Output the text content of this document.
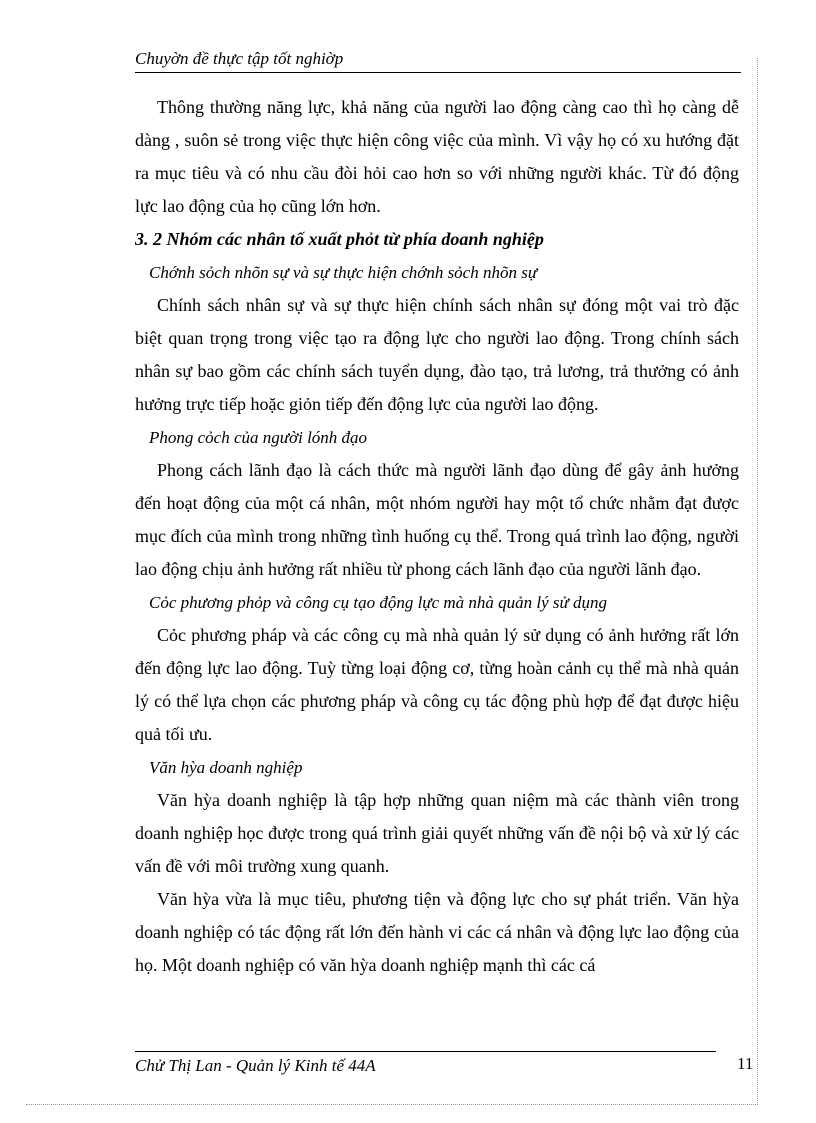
Chuyờn đề thực tập tốt nghiờp

Thông thường năng lực, khả năng của người lao động càng cao thì họ càng dễ dàng , suôn sẻ trong việc thực hiện công việc của mình. Vì vậy họ có xu hướng đặt ra mục tiêu và có nhu cầu đòi hỏi cao hơn so với những người khác. Từ đó động lực lao động của họ cũng lớn hơn.

3. 2 Nhóm các nhân tố xuất phỏt từ phía doanh nghiệp

Chớnh sỏch nhõn sự và sự thực hiện chớnh sỏch nhõn sự

Chính sách nhân sự và sự thực hiện chính sách nhân sự đóng một vai trò đặc biệt quan trọng trong việc tạo ra động lực cho người lao động. Trong chính sách nhân sự bao gồm các chính sách tuyển dụng, đào tạo, trả lương, trả thưởng có ảnh hưởng trực tiếp hoặc giỏn tiếp đến động lực của người lao động.

Phong cỏch của người lónh đạo

Phong cách lãnh đạo là cách thức mà người lãnh đạo dùng để gây ảnh hưởng đến hoạt động của một cá nhân, một nhóm người hay một tổ chức nhằm đạt được mục đích của mình trong những tình huống cụ thể. Trong quá trình lao động, người lao động chịu ảnh hưởng rất nhiều từ phong cách lãnh đạo của người lãnh đạo.

Cỏc phương phỏp và công cụ tạo động lực mà nhà quản lý sử dụng

Cỏc phương pháp và các công cụ mà nhà quản lý sử dụng có ảnh hưởng rất lớn đến động lực lao động. Tuỳ từng loại động cơ, từng hoàn cảnh cụ thể mà nhà quản lý có thể lựa chọn các phương pháp và công cụ tác động phù hợp để đạt được hiệu quả tối ưu.

Văn hỳa doanh nghiệp

Văn hỳa doanh nghiệp là tập hợp những quan niệm mà các thành viên trong doanh nghiệp học được trong quá trình giải quyết những vấn đề nội bộ và xử lý các vấn đề với môi trường xung quanh.

Văn hỳa vừa là mục tiêu, phương tiện và động lực cho sự phát triển. Văn hỳa doanh nghiệp có tác động rất lớn đến hành vi các cá nhân và động lực lao động của họ. Một doanh nghiệp có văn hỳa doanh nghiệp mạnh thì các cá

Chử Thị Lan - Quản lý Kinh tế 44A	11
